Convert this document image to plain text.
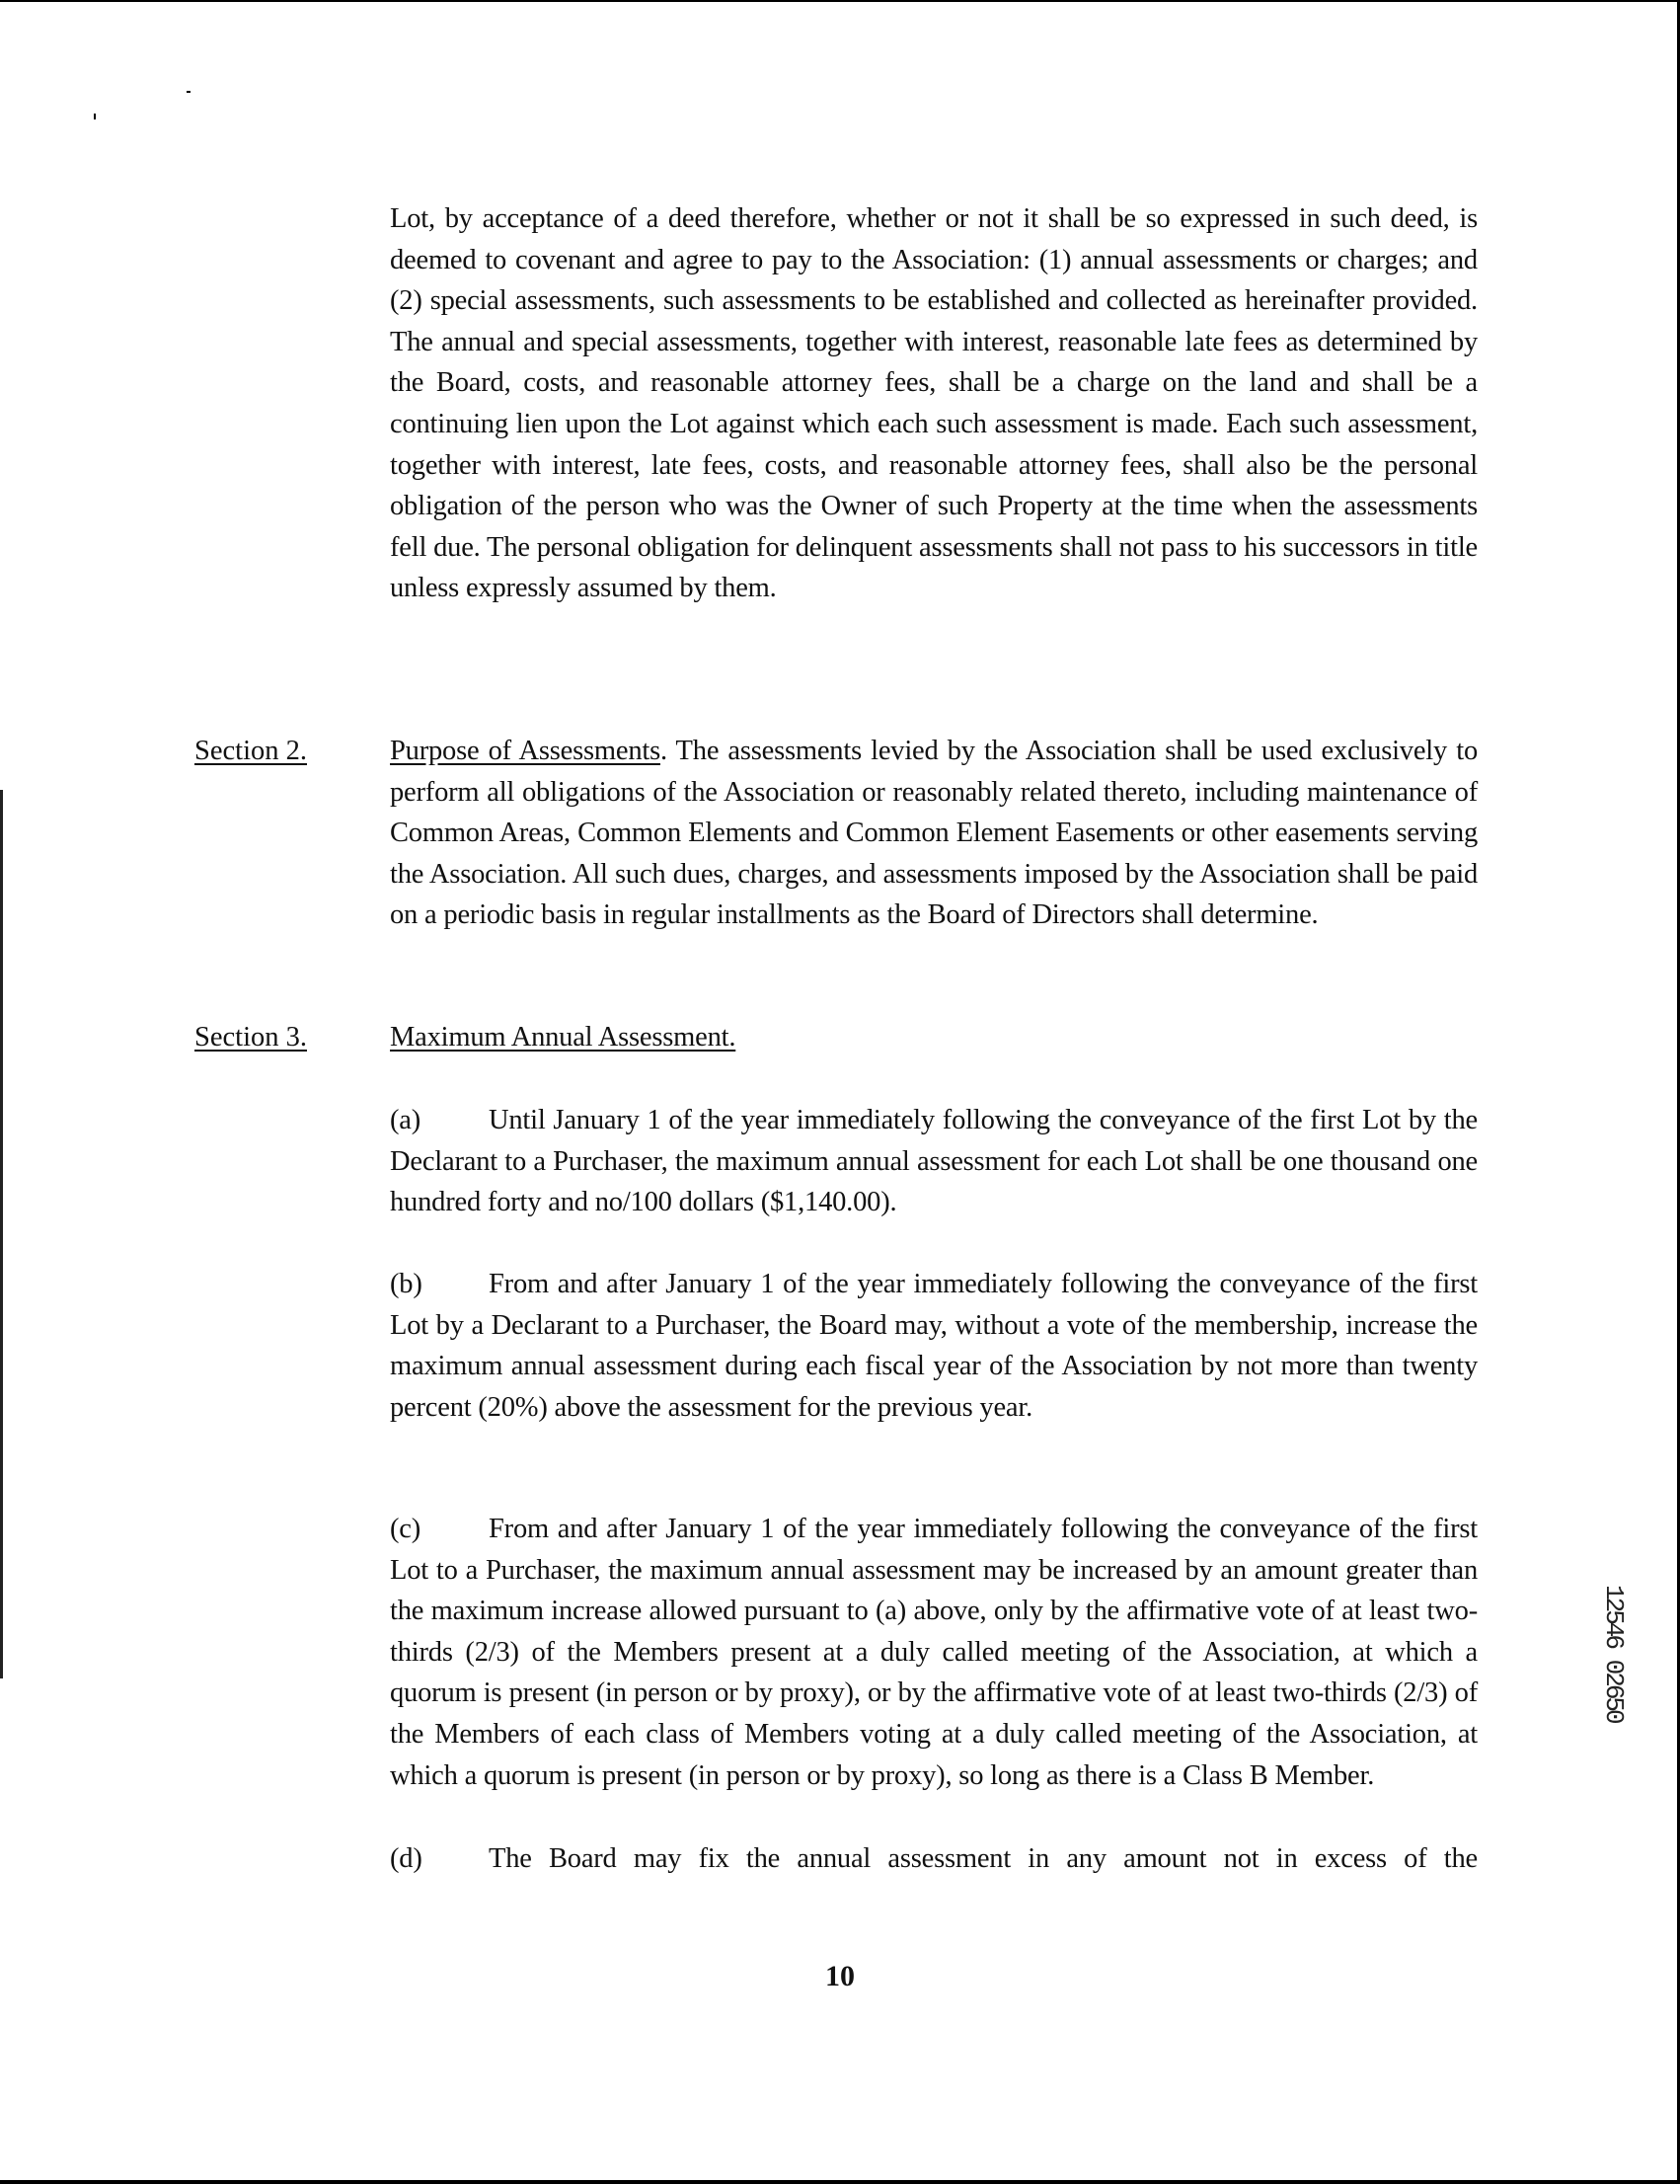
Lot, by acceptance of a deed therefore, whether or not it shall be so expressed in such deed, is deemed to covenant and agree to pay to the Association: (1) annual assessments or charges; and (2) special assessments, such assessments to be established and collected as hereinafter provided. The annual and special assessments, together with interest, reasonable late fees as determined by the Board, costs, and reasonable attorney fees, shall be a charge on the land and shall be a continuing lien upon the Lot against which each such assessment is made. Each such assessment, together with interest, late fees, costs, and reasonable attorney fees, shall also be the personal obligation of the person who was the Owner of such Property at the time when the assessments fell due. The personal obligation for delinquent assessments shall not pass to his successors in title unless expressly assumed by them.

Section 2.	Purpose of Assessments. The assessments levied by the Association shall be used exclusively to perform all obligations of the Association or reasonably related thereto, including maintenance of Common Areas, Common Elements and Common Element Easements or other easements serving the Association. All such dues, charges, and assessments imposed by the Association shall be paid on a periodic basis in regular installments as the Board of Directors shall determine.

Section 3.	Maximum Annual Assessment.

(a) Until January 1 of the year immediately following the conveyance of the first Lot by the Declarant to a Purchaser, the maximum annual assessment for each Lot shall be one thousand one hundred forty and no/100 dollars ($1,140.00).

(b) From and after January 1 of the year immediately following the conveyance of the first Lot by a Declarant to a Purchaser, the Board may, without a vote of the membership, increase the maximum annual assessment during each fiscal year of the Association by not more than twenty percent (20%) above the assessment for the previous year.

(c) From and after January 1 of the year immediately following the conveyance of the first Lot to a Purchaser, the maximum annual assessment may be increased by an amount greater than the maximum increase allowed pursuant to (a) above, only by the affirmative vote of at least two-thirds (2/3) of the Members present at a duly called meeting of the Association, at which a quorum is present (in person or by proxy), or by the affirmative vote of at least two-thirds (2/3) of the Members of each class of Members voting at a duly called meeting of the Association, at which a quorum is present (in person or by proxy), so long as there is a Class B Member.

(d) The Board may fix the annual assessment in any amount not in excess of the

10
12546 02650
